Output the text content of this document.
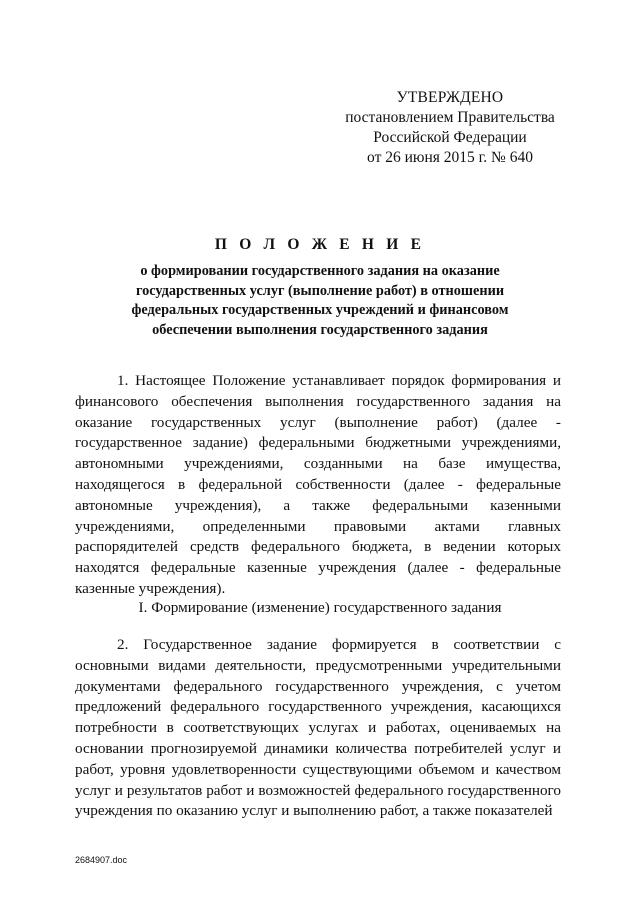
УТВЕРЖДЕНО
постановлением Правительства
Российской Федерации
от 26 июня 2015 г. № 640
П О Л О Ж Е Н И Е
о формировании государственного задания на оказание государственных услуг (выполнение работ) в отношении федеральных государственных учреждений и финансовом обеспечении выполнения государственного задания

1. Настоящее Положение устанавливает порядок формирования и финансового обеспечения выполнения государственного задания на оказание государственных услуг (выполнение работ) (далее - государственное задание) федеральными бюджетными учреждениями, автономными учреждениями, созданными на базе имущества, находящегося в федеральной собственности (далее - федеральные автономные учреждения), а также федеральными казенными учреждениями, определенными правовыми актами главных распорядителей средств федерального бюджета, в ведении которых находятся федеральные казенные учреждения (далее - федеральные казенные учреждения).

I. Формирование (изменение) государственного задания

2. Государственное задание формируется в соответствии с основными видами деятельности, предусмотренными учредительными документами федерального государственного учреждения, с учетом предложений федерального государственного учреждения, касающихся потребности в соответствующих услугах и работах, оцениваемых на основании прогнозируемой динамики количества потребителей услуг и работ, уровня удовлетворенности существующими объемом и качеством услуг и результатов работ и возможностей федерального государственного учреждения по оказанию услуг и выполнению работ, а также показателей

2684907.doc
